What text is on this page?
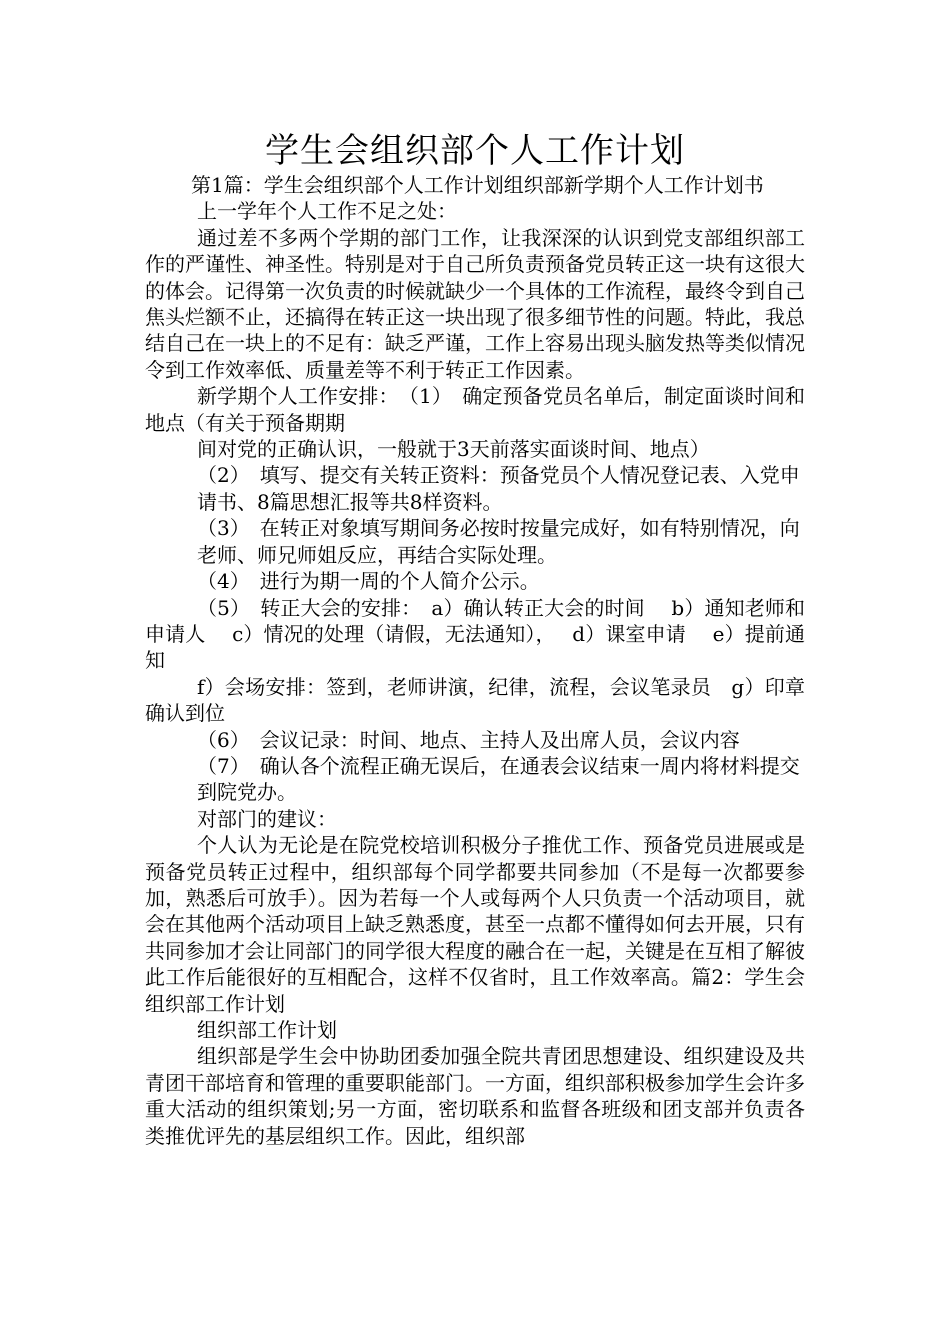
学生会组织部个人工作计划

第1篇：学生会组织部个人工作计划组织部新学期个人工作计划书

上一学年个人工作不足之处：

通过差不多两个学期的部门工作，让我深深的认识到党支部组织部工作的严谨性、神圣性。特别是对于自己所负责预备党员转正这一块有这很大的体会。记得第一次负责的时候就缺少一个具体的工作流程，最终令到自己焦头烂额不止，还搞得在转正这一块出现了很多细节性的问题。特此，我总结自己在一块上的不足有：缺乏严谨，工作上容易出现头脑发热等类似情况令到工作效率低、质量差等不利于转正工作因素。

新学期个人工作安排：　（1）　确定预备党员名单后，制定面谈时间和地点（有关于预备期期

间对党的正确认识，一般就于3天前落实面谈时间、地点）

（2）　填写、提交有关转正资料：预备党员个人情况登记表、入党申

请书、8篇思想汇报等共8样资料。

（3）　在转正对象填写期间务必按时按量完成好，如有特别情况，向

老师、师兄师姐反应，再结合实际处理。

（4）　进行为期一周的个人简介公示。

（5）　转正大会的安排：　a）确认转正大会的时间　 b）通知老师和申请人　 c）情况的处理（请假，无法通知），　 d）课室申请　 e）提前通知

f）会场安排：签到，老师讲演，纪律，流程，会议笔录员　g）印章确认到位

（6）　会议记录：时间、地点、主持人及出席人员，会议内容

（7）　确认各个流程正确无误后，在通表会议结束一周内将材料提交

到院党办。

对部门的建议：

个人认为无论是在院党校培训积极分子推优工作、预备党员进展或是预备党员转正过程中，组织部每个同学都要共同参加（不是每一次都要参加，熟悉后可放手）。因为若每一个人或每两个人只负责一个活动项目，就会在其他两个活动项目上缺乏熟悉度，甚至一点都不懂得如何去开展，只有共同参加才会让同部门的同学很大程度的融合在一起，关键是在互相了解彼此工作后能很好的互相配合，这样不仅省时，且工作效率高。篇2：学生会组织部工作计划

组织部工作计划

组织部是学生会中协助团委加强全院共青团思想建设、组织建设及共青团干部培育和管理的重要职能部门。一方面，组织部积极参加学生会许多重大活动的组织策划;另一方面，密切联系和监督各班级和团支部并负责各类推优评先的基层组织工作。因此，组织部
